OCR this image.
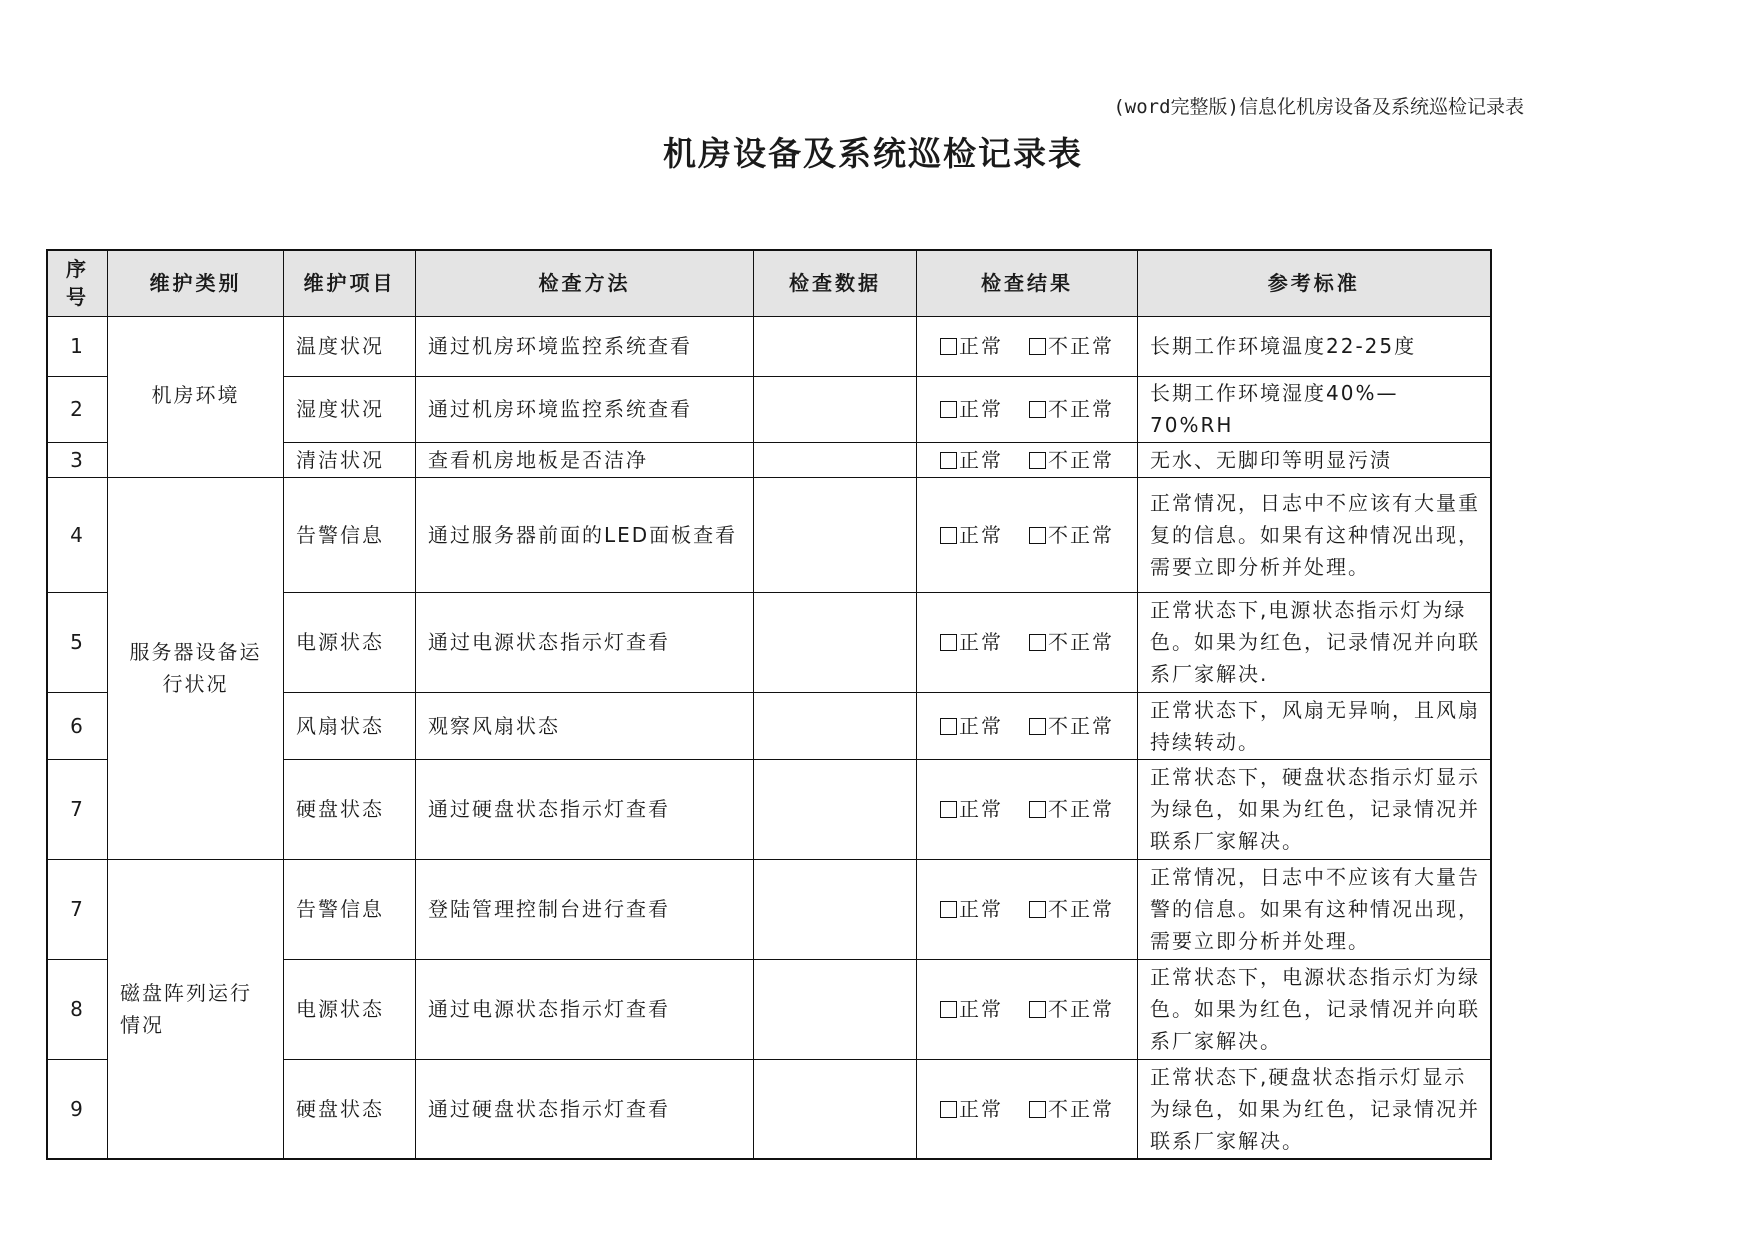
(word完整版)信息化机房设备及系统巡检记录表
机房设备及系统巡检记录表
序号	维护类别	维护项目	检查方法	检查数据	检查结果	参考标准
1	机房环境	温度状况	通过机房环境监控系统查看		正常 不正常	长期工作环境温度22-25度
2		湿度状况	通过机房环境监控系统查看		正常 不正常	长期工作环境湿度40%—70%RH
3		清洁状况	查看机房地板是否洁净		正常 不正常	无水、无脚印等明显污渍
4	服务器设备运行状况	告警信息	通过服务器前面的LED面板查看		正常 不正常	正常情况，日志中不应该有大量重复的信息。如果有这种情况出现，需要立即分析并处理。
5		电源状态	通过电源状态指示灯查看		正常 不正常	正常状态下,电源状态指示灯为绿色。如果为红色，记录情况并向联系厂家解决.
6		风扇状态	观察风扇状态		正常 不正常	正常状态下，风扇无异响，且风扇持续转动。
7		硬盘状态	通过硬盘状态指示灯查看		正常 不正常	正常状态下，硬盘状态指示灯显示为绿色，如果为红色，记录情况并联系厂家解决。
7	磁盘阵列运行情况	告警信息	登陆管理控制台进行查看		正常 不正常	正常情况，日志中不应该有大量告警的信息。如果有这种情况出现，需要立即分析并处理。
8		电源状态	通过电源状态指示灯查看		正常 不正常	正常状态下，电源状态指示灯为绿色。如果为红色，记录情况并向联系厂家解决。
9		硬盘状态	通过硬盘状态指示灯查看		正常 不正常	正常状态下,硬盘状态指示灯显示为绿色，如果为红色，记录情况并联系厂家解决。
